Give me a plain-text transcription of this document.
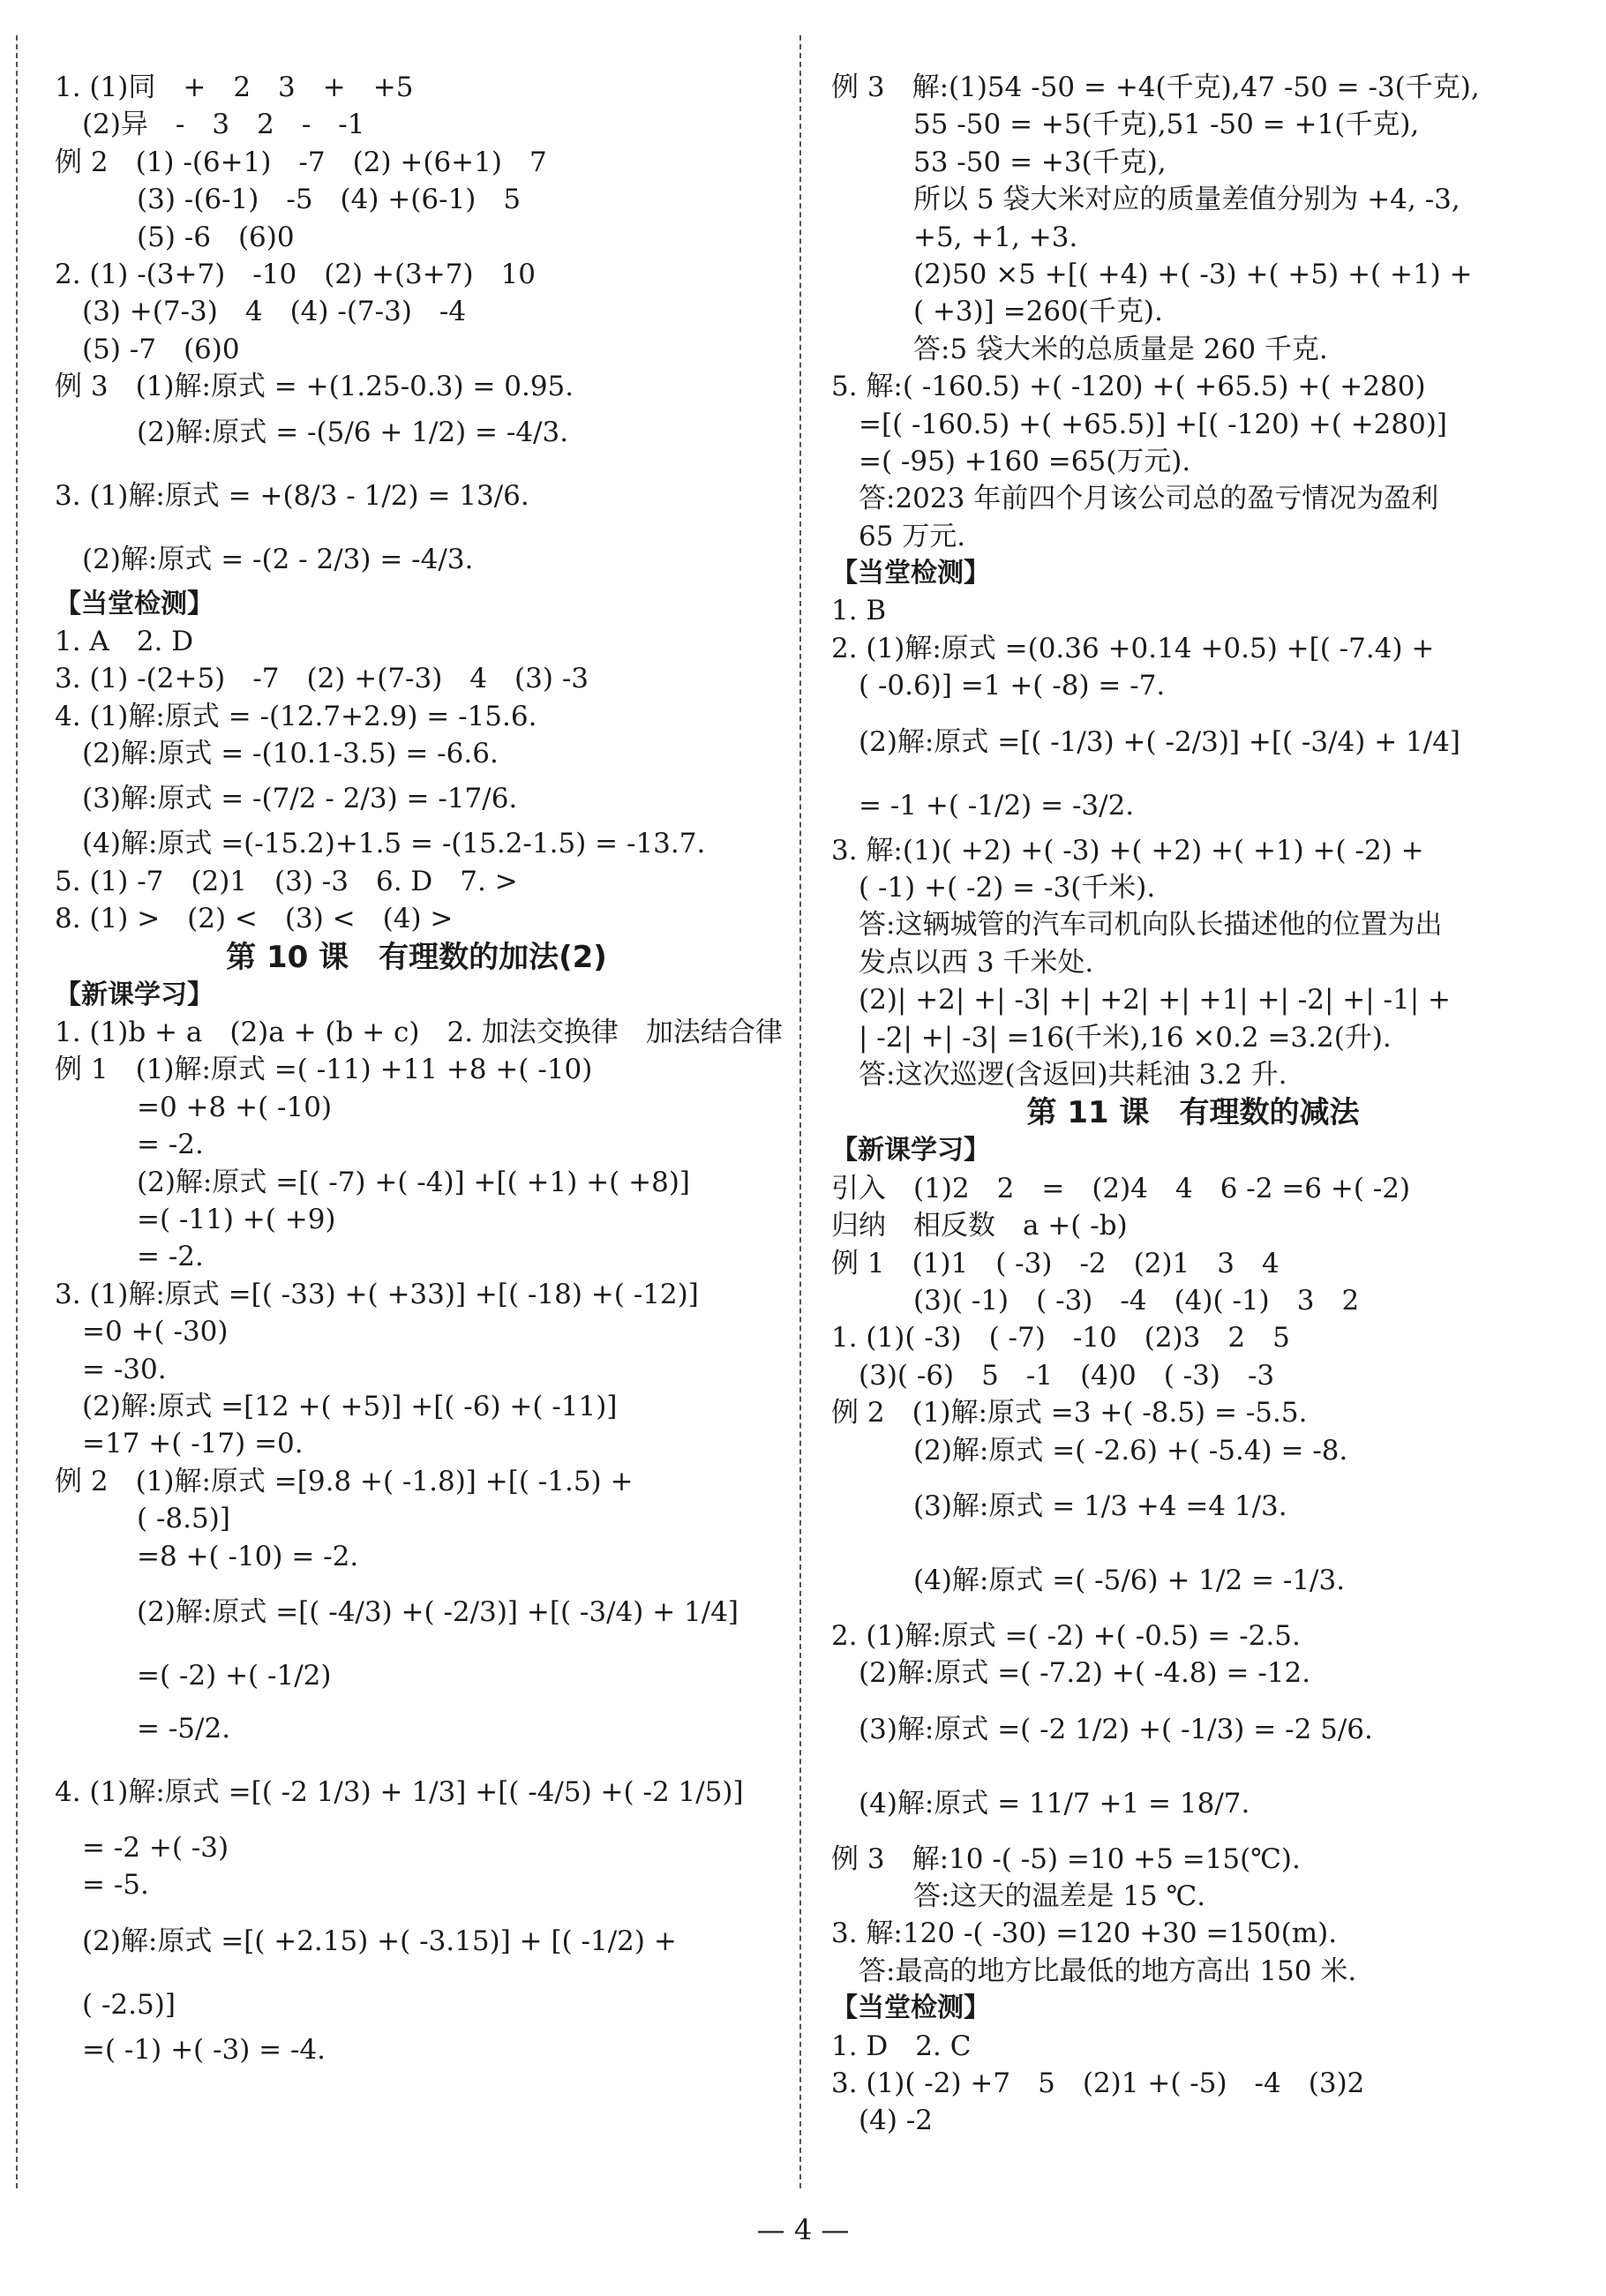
1. (1)同　+　2　3　+　+5
　(2)异　-　3　2　-　-1
例 2　(1) -(6+1)　-7　(2) +(6+1)　7
　　　(3) -(6-1)　-5　(4) +(6-1)　5
　　　(5) -6　(6)0
2. (1) -(3+7)　-10　(2) +(3+7)　10
　(3) +(7-3)　4　(4) -(7-3)　-4
　(5) -7　(6)0
例 3　(1)解:原式 = +(1.25-0.3) = 0.95.
　　　(2)解:原式 = -(5/6 + 1/2) = -4/3.
3. (1)解:原式 = +(8/3 - 1/2) = 13/6.
　(2)解:原式 = -(2 - 2/3) = -4/3.
【当堂检测】
1. A　2. D
3. (1) -(2+5)　-7　(2) +(7-3)　4　(3) -3
4. (1)解:原式 = -(12.7+2.9) = -15.6.
　(2)解:原式 = -(10.1-3.5) = -6.6.
　(3)解:原式 = -(7/2 - 2/3) = -17/6.
　(4)解:原式 =(-15.2)+1.5 = -(15.2-1.5) = -13.7.
5. (1) -7　(2)1　(3) -3　6. D　7. >
8. (1) >　(2) <　(3) <　(4) >
第 10 课　有理数的加法(2)
【新课学习】
1. (1)b + a　(2)a + (b + c)　2. 加法交换律　加法结合律
例 1　(1)解:原式 =( -11) +11 +8 +( -10)
　　　=0 +8 +( -10)
　　　= -2.
　　　(2)解:原式 =[( -7) +( -4)] +[( +1) +( +8)]
　　　=( -11) +( +9)
　　　= -2.
3. (1)解:原式 =[( -33) +( +33)] +[( -18) +( -12)]
　=0 +( -30)
　= -30.
　(2)解:原式 =[12 +( +5)] +[( -6) +( -11)]
　=17 +( -17) =0.
例 2　(1)解:原式 =[9.8 +( -1.8)] +[( -1.5) +
　　　( -8.5)]
　　　=8 +( -10) = -2.
　　　(2)解:原式 =[( -4/3) +( -2/3)] +[( -3/4) + 1/4]
　　　=( -2) +( -1/2)
　　　= -5/2.
4. (1)解:原式 =[( -2 1/3) + 1/3] +[( -4/5) +( -2 1/5)]
　= -2 +( -3)
　= -5.
　(2)解:原式 =[( +2.15) +( -3.15)] + [( -1/2) +
　( -2.5)]
　=( -1) +( -3) = -4.
例 3　解:(1)54 -50 = +4(千克),47 -50 = -3(千克),
　　　55 -50 = +5(千克),51 -50 = +1(千克),
　　　53 -50 = +3(千克),
　　　所以 5 袋大米对应的质量差值分别为 +4, -3,
　　　+5, +1, +3.
　　　(2)50 ×5 +[( +4) +( -3) +( +5) +( +1) +
　　　( +3)] =260(千克).
　　　答:5 袋大米的总质量是 260 千克.
5. 解:( -160.5) +( -120) +( +65.5) +( +280)
　=[( -160.5) +( +65.5)] +[( -120) +( +280)]
　=( -95) +160 =65(万元).
　答:2023 年前四个月该公司总的盈亏情况为盈利
　65 万元.
【当堂检测】
1. B
2. (1)解:原式 =(0.36 +0.14 +0.5) +[( -7.4) +
　( -0.6)] =1 +( -8) = -7.
　(2)解:原式 =[( -1/3) +( -2/3)] +[( -3/4) + 1/4]
　= -1 +( -1/2) = -3/2.
3. 解:(1)( +2) +( -3) +( +2) +( +1) +( -2) +
　( -1) +( -2) = -3(千米).
　答:这辆城管的汽车司机向队长描述他的位置为出
　发点以西 3 千米处.
　(2)| +2| +| -3| +| +2| +| +1| +| -2| +| -1| +
　| -2| +| -3| =16(千米),16 ×0.2 =3.2(升).
　答:这次巡逻(含返回)共耗油 3.2 升.
第 11 课　有理数的减法
【新课学习】
引入　(1)2　2　=　(2)4　4　6 -2 =6 +( -2)
归纳　相反数　a +( -b)
例 1　(1)1　( -3)　-2　(2)1　3　4
　　　(3)( -1)　( -3)　-4　(4)( -1)　3　2
1. (1)( -3)　( -7)　-10　(2)3　2　5
　(3)( -6)　5　-1　(4)0　( -3)　-3
例 2　(1)解:原式 =3 +( -8.5) = -5.5.
　　　(2)解:原式 =( -2.6) +( -5.4) = -8.
　　　(3)解:原式 = 1/3 +4 =4 1/3.
　　　(4)解:原式 =( -5/6) + 1/2 = -1/3.
2. (1)解:原式 =( -2) +( -0.5) = -2.5.
　(2)解:原式 =( -7.2) +( -4.8) = -12.
　(3)解:原式 =( -2 1/2) +( -1/3) = -2 5/6.
　(4)解:原式 = 11/7 +1 = 18/7.
例 3　解:10 -( -5) =10 +5 =15(℃).
　　　答:这天的温差是 15 ℃.
3. 解:120 -( -30) =120 +30 =150(m).
　答:最高的地方比最低的地方高出 150 米.
【当堂检测】
1. D　2. C
3. (1)( -2) +7　5　(2)1 +( -5)　-4　(3)2
　(4) -2
— 4 —
